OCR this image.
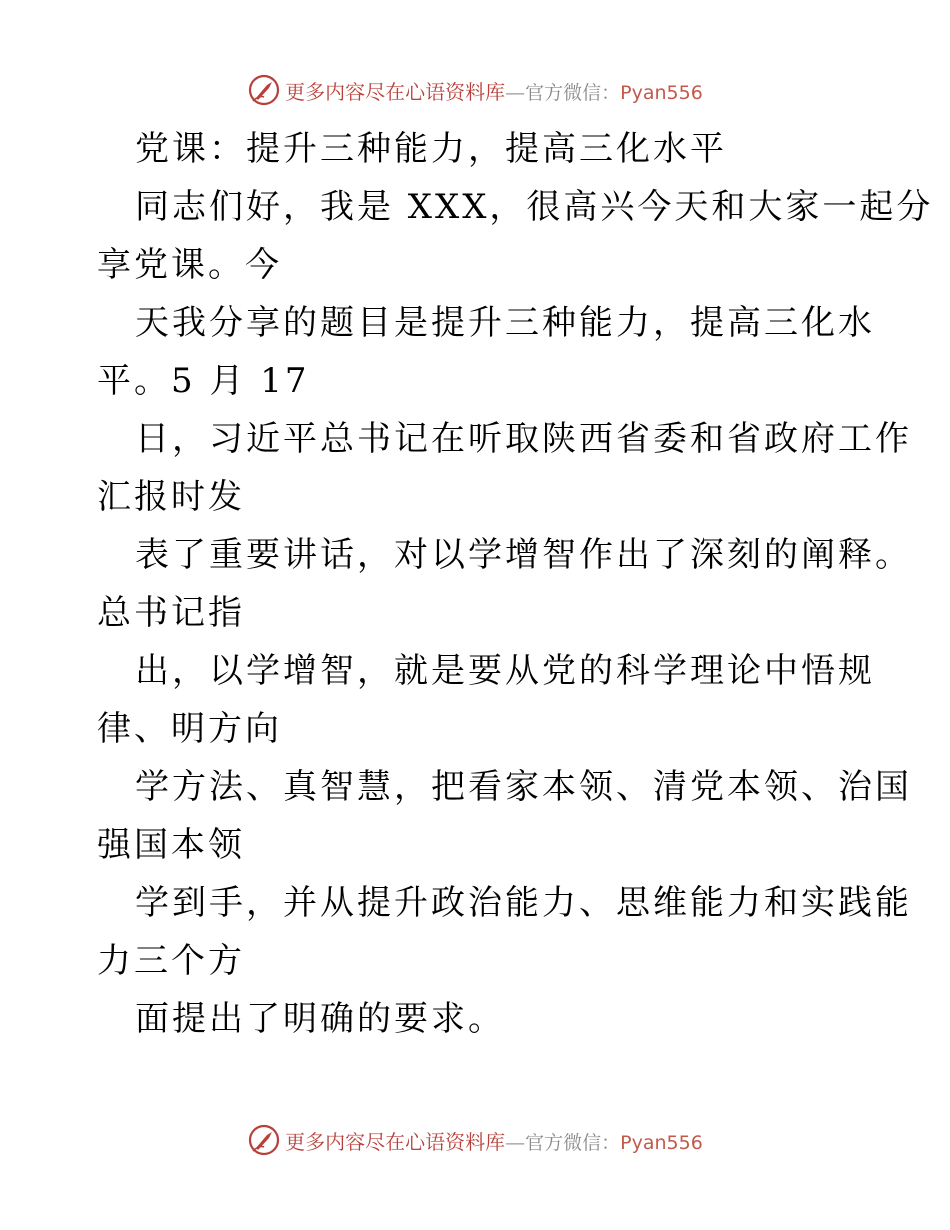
更多内容尽在心语资料库—官方微信：Pyan556
党课：提升三种能力，提高三化水平
同志们好，我是 XXX，很高兴今天和大家一起分
享党课。今
天我分享的题目是提升三种能力，提高三化水
平。5 月 17
日，习近平总书记在听取陕西省委和省政府工作
汇报时发
表了重要讲话，对以学增智作出了深刻的阐释。
总书记指
出，以学增智，就是要从党的科学理论中悟规
律、明方向
学方法、真智慧，把看家本领、清党本领、治国
强国本领
学到手，并从提升政治能力、思维能力和实践能
力三个方
面提出了明确的要求。
更多内容尽在心语资料库—官方微信：Pyan556
